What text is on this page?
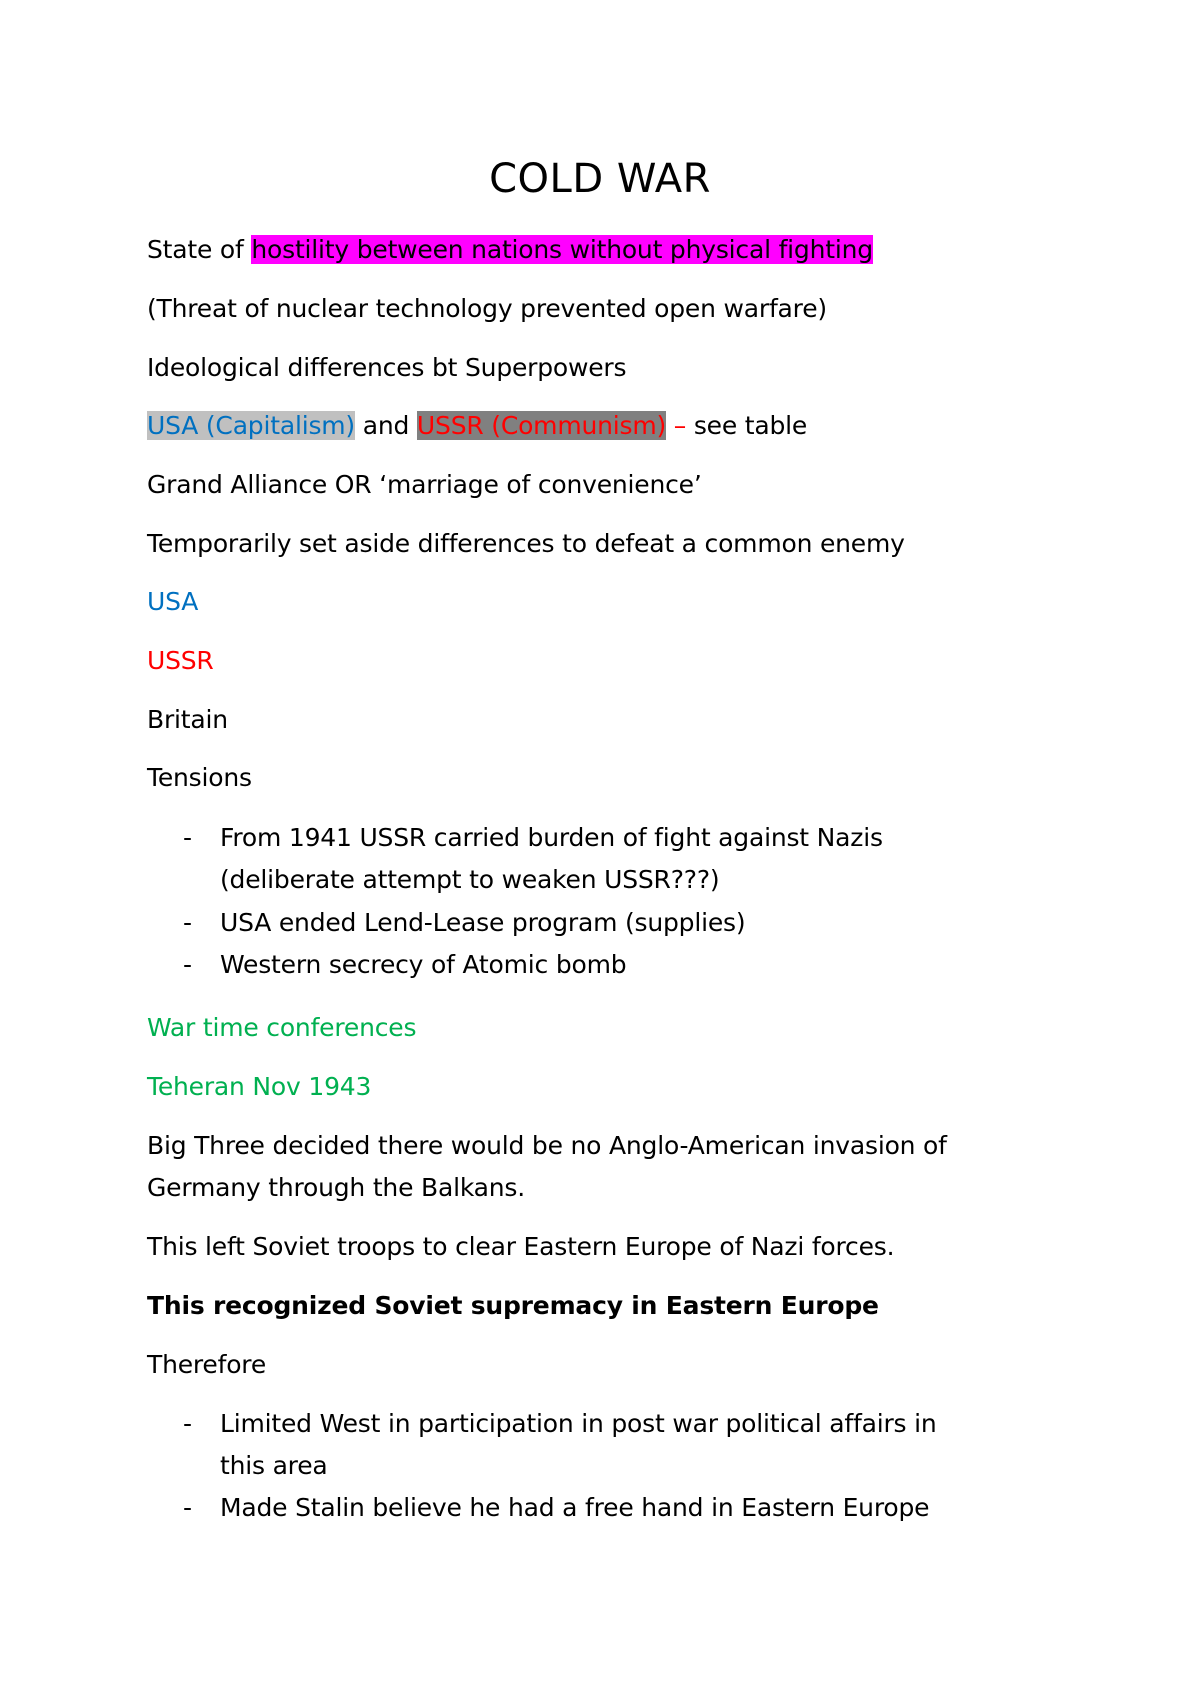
COLD WAR
State of hostility between nations without physical fighting
(Threat of nuclear technology prevented open warfare)
Ideological differences bt Superpowers
USA (Capitalism) and USSR (Communism) – see table
Grand Alliance OR ‘marriage of convenience’
Temporarily set aside differences to defeat a common enemy
USA
USSR
Britain
Tensions
- From 1941 USSR carried burden of fight against Nazis
(deliberate attempt to weaken USSR???)
- USA ended Lend-Lease program (supplies)
- Western secrecy of Atomic bomb
War time conferences
Teheran Nov 1943
Big Three decided there would be no Anglo-American invasion of
Germany through the Balkans.
This left Soviet troops to clear Eastern Europe of Nazi forces.
This recognized Soviet supremacy in Eastern Europe
Therefore
- Limited West in participation in post war political affairs in
this area
- Made Stalin believe he had a free hand in Eastern Europe
